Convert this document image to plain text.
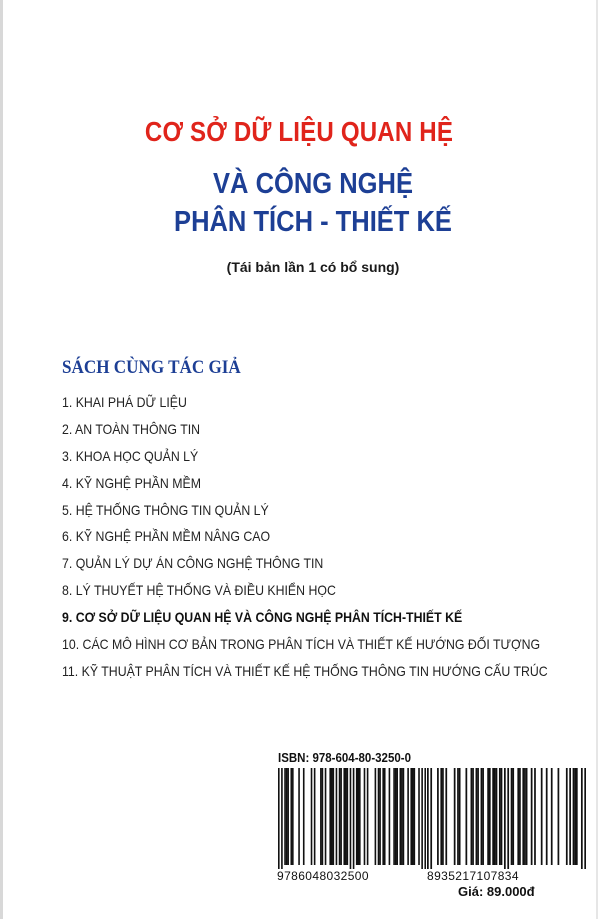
CƠ SỞ DỮ LIỆU QUAN HỆ
VÀ CÔNG NGHỆ
PHÂN TÍCH - THIẾT KẾ
(Tái bản lần 1 có bổ sung)
SÁCH CÙNG TÁC GIẢ
1. KHAI PHÁ DỮ LIỆU
2. AN TOÀN THÔNG TIN
3. KHOA HỌC QUẢN LÝ
4. KỸ NGHỆ PHẦN MỀM
5. HỆ THỐNG THÔNG TIN QUẢN LÝ
6. KỸ NGHỆ PHẦN MỀM NÂNG CAO
7. QUẢN LÝ DỰ ÁN CÔNG NGHỆ THÔNG TIN
8. LÝ THUYẾT HỆ THỐNG VÀ ĐIỀU KHIỂN HỌC
9. CƠ SỞ DỮ LIỆU QUAN HỆ VÀ CÔNG NGHỆ PHÂN TÍCH-THIẾT KẾ
10. CÁC MÔ HÌNH CƠ BẢN TRONG PHÂN TÍCH VÀ THIẾT KẾ HƯỚNG ĐỐI TƯỢNG
11. KỸ THUẬT PHÂN TÍCH VÀ THIẾT KẾ HỆ THỐNG THÔNG TIN HƯỚNG CẤU TRÚC
ISBN: 978-604-80-3250-0
9786048032500	8935217107834
Giá: 89.000đ
